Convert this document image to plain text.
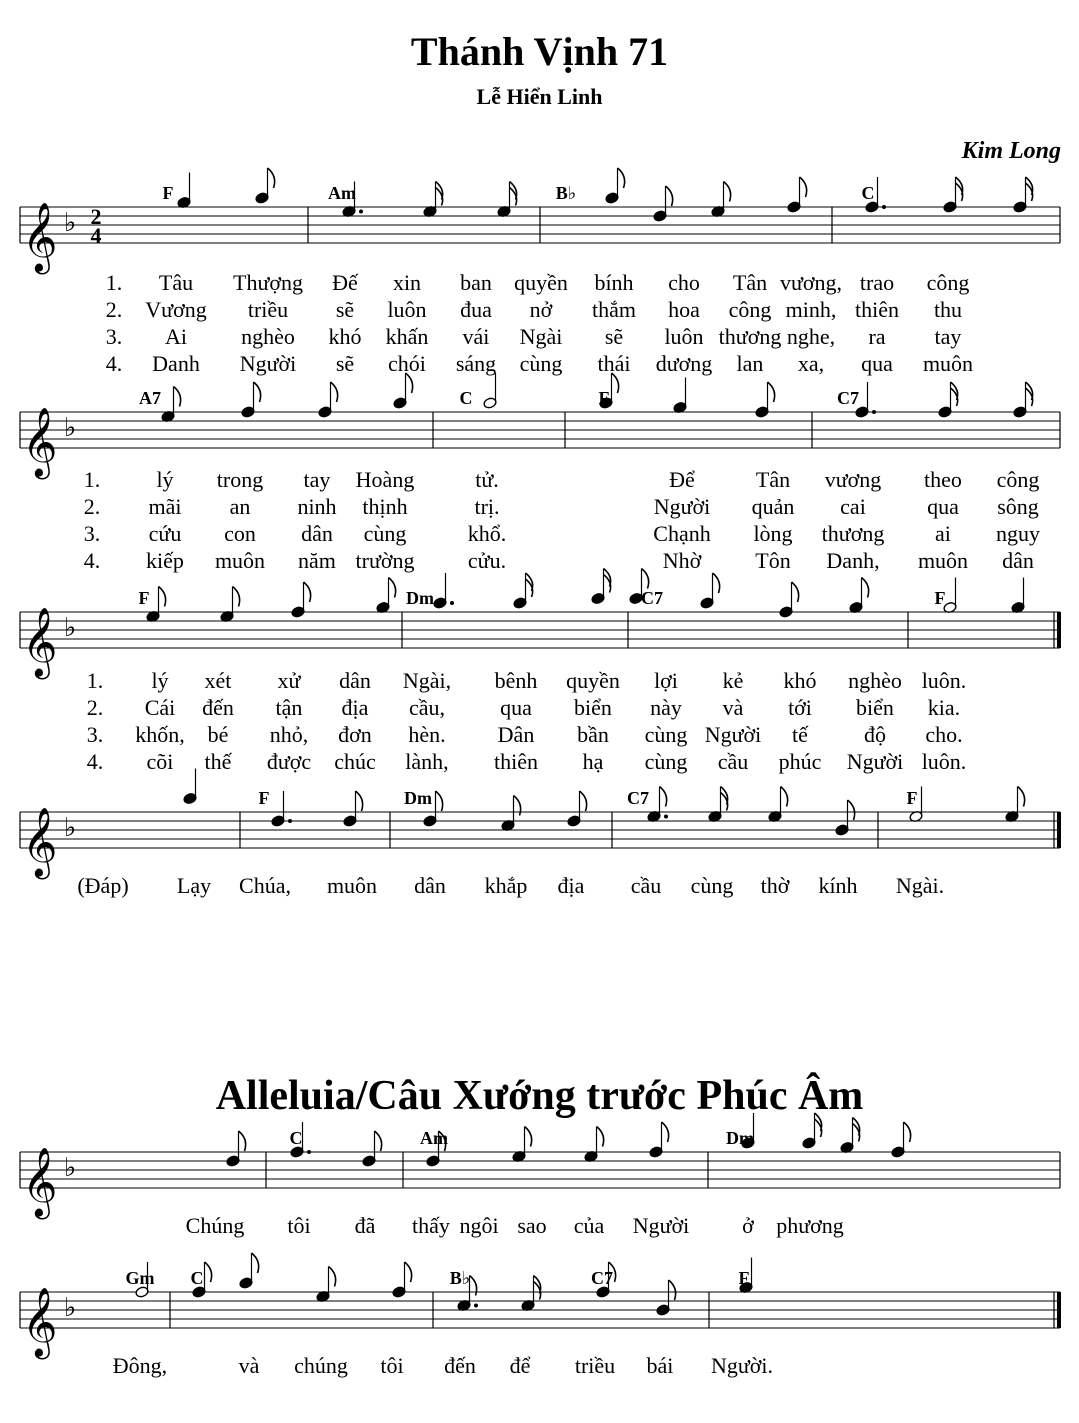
Thánh Vịnh 71
Lễ Hiển Linh
Kim Long
Alleluia/Câu Xướng trước Phúc Âm
𝄞 ♭ 2
4
F	Am	B♭	C
1. Tâu Thượng Đế xin ban quyền bính cho Tân vương, trao công
2. Vương triều sẽ luôn đua nở thắm hoa công minh, thiên thu
3. Ai nghèo khó khấn vái Ngài sẽ luôn thương nghe, ra tay
4. Danh Người sẽ chói sáng cùng thái dương lan xa, qua muôn
𝄞 ♭
A7	C	F	C7
1.	lý trong tay Hoàng	tử.	Để	Tân vương theo công
2. mãi an ninh thịnh	trị.	Người quản cai	qua sông
3. cứu con dân cùng	khổ.	Chạnh lòng thương ai nguy
4. kiếp muôn năm trường cửu.	Nhờ Tôn Danh, muôn dân
𝄞 ♭
F	Dm	C7	F
1. lý xét xử dân Ngài, bênh quyền lợi kẻ khó nghèo luôn.
2. Cái đến tận địa cầu,	qua biển này và tới biển kia.
3. khốn, bé nhỏ, đơn hèn. Dân bần cùng Người tế	độ cho.
4. cõi thế được chúc lành, thiên hạ cùng cầu phúc Người luôn.
𝄞 ♭
F	Dm	C7	F
(Đáp) Lạy Chúa, muôn dân khắp địa cầu cùng thờ kính Ngài.
𝄞 ♭
C	Am	Dm
Chúng tôi đã thấy ngôi sao của Người ở phương
𝄞 ♭
Gm C	B♭	C7	F
Đông,	và chúng tôi đến để triều bái Người.
